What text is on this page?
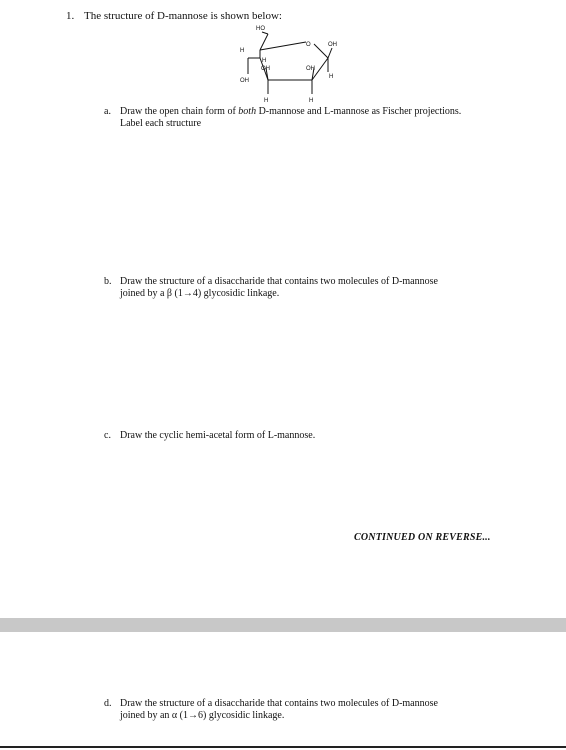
1. The structure of D-mannose is shown below:
HO
O	OH
H
H
H
OH	OH
OH
H	H
a. Draw the open chain form of both D-mannose and L-mannose as Fischer projections.
Label each structure
b. Draw the structure of a disaccharide that contains two molecules of D-mannose
joined by a β (1→4) glycosidic linkage.
c. Draw the cyclic hemi-acetal form of L-mannose.
CONTINUED ON REVERSE...
d. Draw the structure of a disaccharide that contains two molecules of D-mannose
joined by an α (1→6) glycosidic linkage.
